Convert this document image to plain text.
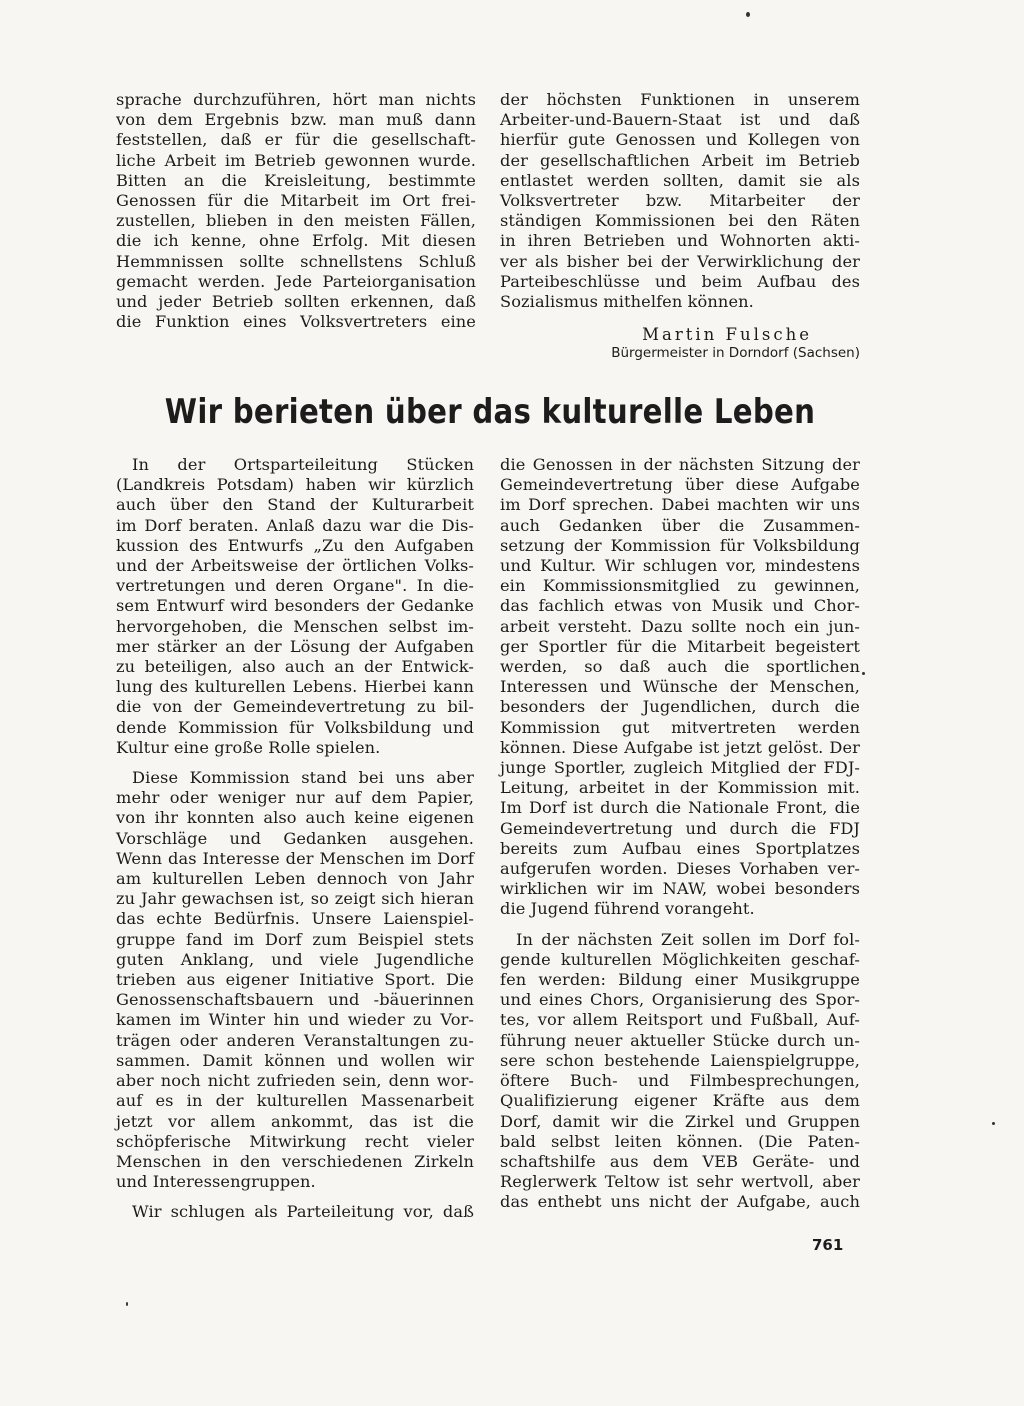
sprache durchzuführen, hört man nichts
von dem Ergebnis bzw. man muß dann
feststellen, daß er für die gesellschaft-
liche Arbeit im Betrieb gewonnen wurde.
Bitten an die Kreisleitung, bestimmte
Genossen für die Mitarbeit im Ort frei-
zustellen, blieben in den meisten Fällen,
die ich kenne, ohne Erfolg. Mit diesen
Hemmnissen sollte schnellstens Schluß
gemacht werden. Jede Parteiorganisation
und jeder Betrieb sollten erkennen, daß
die Funktion eines Volksvertreters eine
der höchsten Funktionen in unserem
Arbeiter-und-Bauern-Staat ist und daß
hierfür gute Genossen und Kollegen von
der gesellschaftlichen Arbeit im Betrieb
entlastet werden sollten, damit sie als
Volksvertreter bzw. Mitarbeiter der
ständigen Kommissionen bei den Räten
in ihren Betrieben und Wohnorten akti-
ver als bisher bei der Verwirklichung der
Parteibeschlüsse und beim Aufbau des
Sozialismus mithelfen können.
Martin Fulsche
Bürgermeister in Dorndorf (Sachsen)
Wir berieten über das kulturelle Leben
In der Ortsparteileitung Stücken
(Landkreis Potsdam) haben wir kürzlich
auch über den Stand der Kulturarbeit
im Dorf beraten. Anlaß dazu war die Dis-
kussion des Entwurfs „Zu den Aufgaben
und der Arbeitsweise der örtlichen Volks-
vertretungen und deren Organe". In die-
sem Entwurf wird besonders der Gedanke
hervorgehoben, die Menschen selbst im-
mer stärker an der Lösung der Aufgaben
zu beteiligen, also auch an der Entwick-
lung des kulturellen Lebens. Hierbei kann
die von der Gemeindevertretung zu bil-
dende Kommission für Volksbildung und
Kultur eine große Rolle spielen.
Diese Kommission stand bei uns aber
mehr oder weniger nur auf dem Papier,
von ihr konnten also auch keine eigenen
Vorschläge und Gedanken ausgehen.
Wenn das Interesse der Menschen im Dorf
am kulturellen Leben dennoch von Jahr
zu Jahr gewachsen ist, so zeigt sich hieran
das echte Bedürfnis. Unsere Laienspiel-
gruppe fand im Dorf zum Beispiel stets
guten Anklang, und viele Jugendliche
trieben aus eigener Initiative Sport. Die
Genossenschaftsbauern und -bäuerinnen
kamen im Winter hin und wieder zu Vor-
trägen oder anderen Veranstaltungen zu-
sammen. Damit können und wollen wir
aber noch nicht zufrieden sein, denn wor-
auf es in der kulturellen Massenarbeit
jetzt vor allem ankommt, das ist die
schöpferische Mitwirkung recht vieler
Menschen in den verschiedenen Zirkeln
und Interessengruppen.
Wir schlugen als Parteileitung vor, daß
die Genossen in der nächsten Sitzung der
Gemeindevertretung über diese Aufgabe
im Dorf sprechen. Dabei machten wir uns
auch Gedanken über die Zusammen-
setzung der Kommission für Volksbildung
und Kultur. Wir schlugen vor, mindestens
ein Kommissionsmitglied zu gewinnen,
das fachlich etwas von Musik und Chor-
arbeit versteht. Dazu sollte noch ein jun-
ger Sportler für die Mitarbeit begeistert
werden, so daß auch die sportlichen
Interessen und Wünsche der Menschen,
besonders der Jugendlichen, durch die
Kommission gut mitvertreten werden
können. Diese Aufgabe ist jetzt gelöst. Der
junge Sportler, zugleich Mitglied der FDJ-
Leitung, arbeitet in der Kommission mit.
Im Dorf ist durch die Nationale Front, die
Gemeindevertretung und durch die FDJ
bereits zum Aufbau eines Sportplatzes
aufgerufen worden. Dieses Vorhaben ver-
wirklichen wir im NAW, wobei besonders
die Jugend führend vorangeht.
In der nächsten Zeit sollen im Dorf fol-
gende kulturellen Möglichkeiten geschaf-
fen werden: Bildung einer Musikgruppe
und eines Chors, Organisierung des Spor-
tes, vor allem Reitsport und Fußball, Auf-
führung neuer aktueller Stücke durch un-
sere schon bestehende Laienspielgruppe,
öftere Buch- und Filmbesprechungen,
Qualifizierung eigener Kräfte aus dem
Dorf, damit wir die Zirkel und Gruppen
bald selbst leiten können. (Die Paten-
schaftshilfe aus dem VEB Geräte- und
Reglerwerk Teltow ist sehr wertvoll, aber
das enthebt uns nicht der Aufgabe, auch
761
